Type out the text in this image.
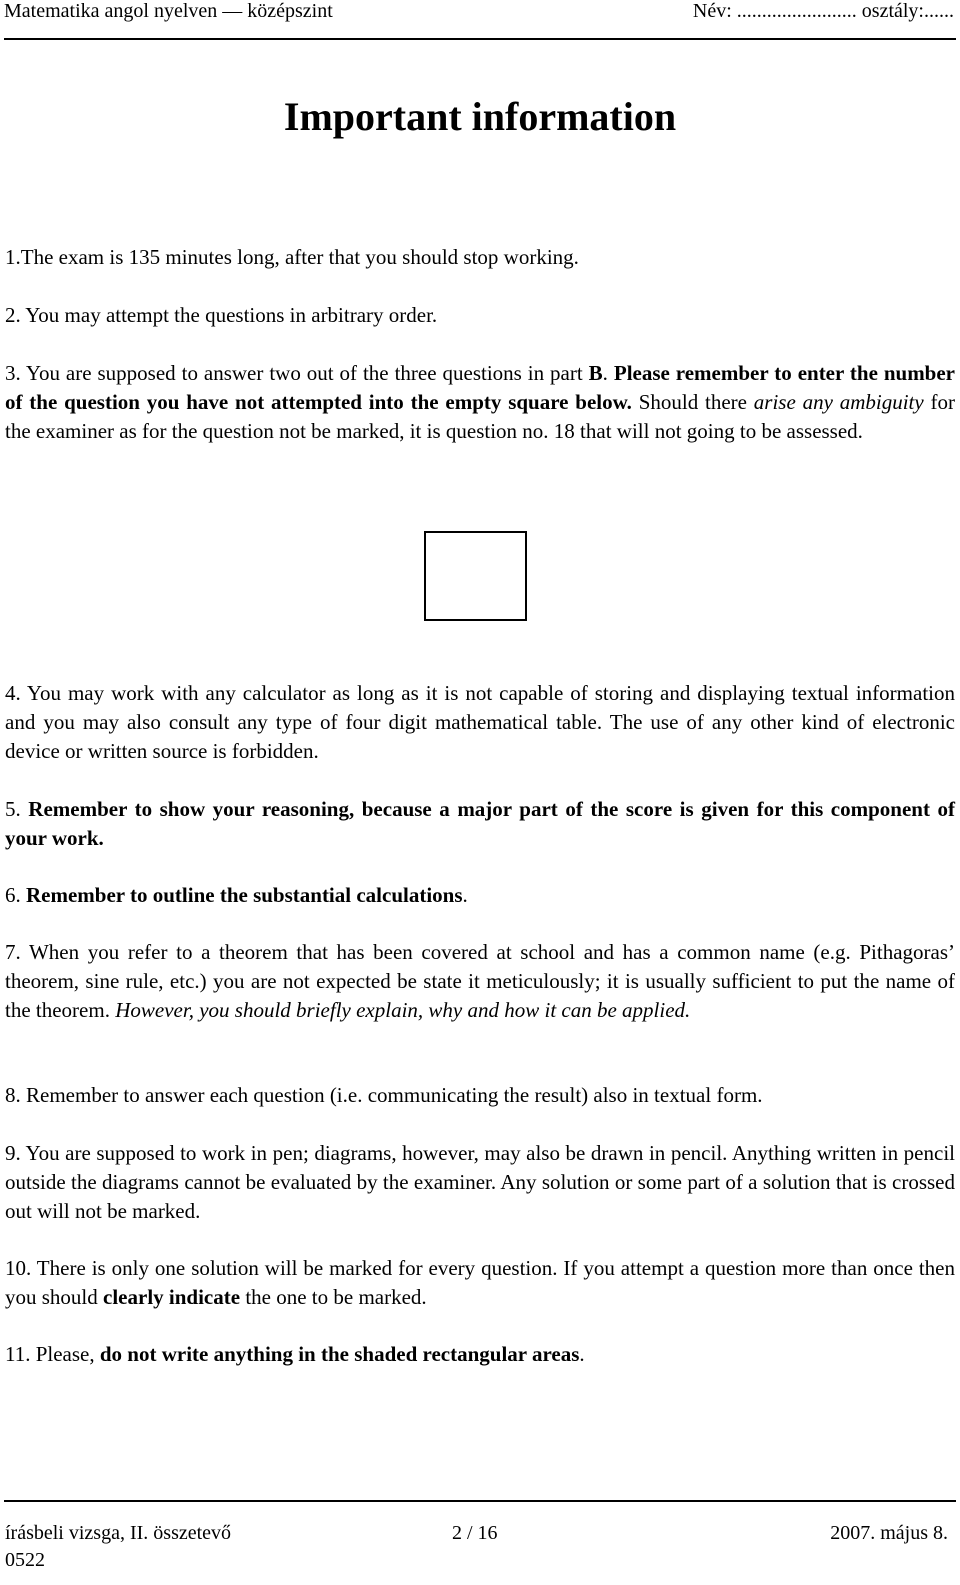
Matematika angol nyelven — középszint	Név: ........................ osztály:......
Important information
1.The exam is 135 minutes long, after that you should stop working.
2. You may attempt the questions in arbitrary order.
3. You are supposed to answer two out of the three questions in part B. Please remember to enter the number of the question you have not attempted into the empty square below. Should there arise any ambiguity for the examiner as for the question not be marked, it is question no. 18 that will not going to be assessed.
4. You may work with any calculator as long as it is not capable of storing and displaying textual information and you may also consult any type of four digit mathematical table. The use of any other kind of electronic device or written source is forbidden.
5. Remember to show your reasoning, because a major part of the score is given for this component of your work.
6. Remember to outline the substantial calculations.
7. When you refer to a theorem that has been covered at school and has a common name (e.g. Pithagoras’ theorem, sine rule, etc.) you are not expected be state it meticulously; it is usually sufficient to put the name of the theorem. However, you should briefly explain, why and how it can be applied.
8. Remember to answer each question (i.e. communicating the result) also in textual form.
9. You are supposed to work in pen; diagrams, however, may also be drawn in pencil. Anything written in pencil outside the diagrams cannot be evaluated by the examiner. Any solution or some part of a solution that is crossed out will not be marked.
10. There is only one solution will be marked for every question. If you attempt a question more than once then you should clearly indicate the one to be marked.
11. Please, do not write anything in the shaded rectangular areas.
írásbeli vizsga, II. összetevő
0522
2 / 16	2007. május 8.
